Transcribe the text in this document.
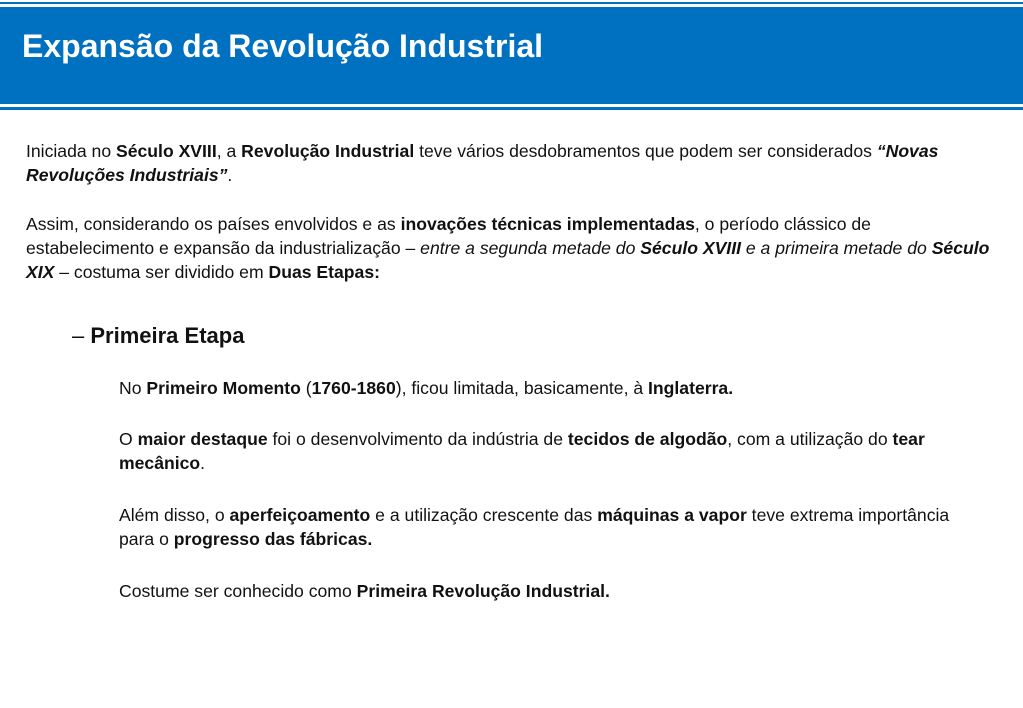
Expansão da Revolução Industrial

Iniciada no Século XVIII, a Revolução Industrial teve vários desdobramentos que podem ser considerados “Novas Revoluções Industriais”.

Assim, considerando os países envolvidos e as inovações técnicas implementadas, o período clássico de estabelecimento e expansão da industrialização – entre a segunda metade do Século XVIII e a primeira metade do Século XIX – costuma ser dividido em Duas Etapas:

– Primeira Etapa

No Primeiro Momento (1760-1860), ficou limitada, basicamente, à Inglaterra.

O maior destaque foi o desenvolvimento da indústria de tecidos de algodão, com a utilização do tear mecânico.

Além disso, o aperfeiçoamento e a utilização crescente das máquinas a vapor teve extrema importância para o progresso das fábricas.

Costume ser conhecido como Primeira Revolução Industrial.
